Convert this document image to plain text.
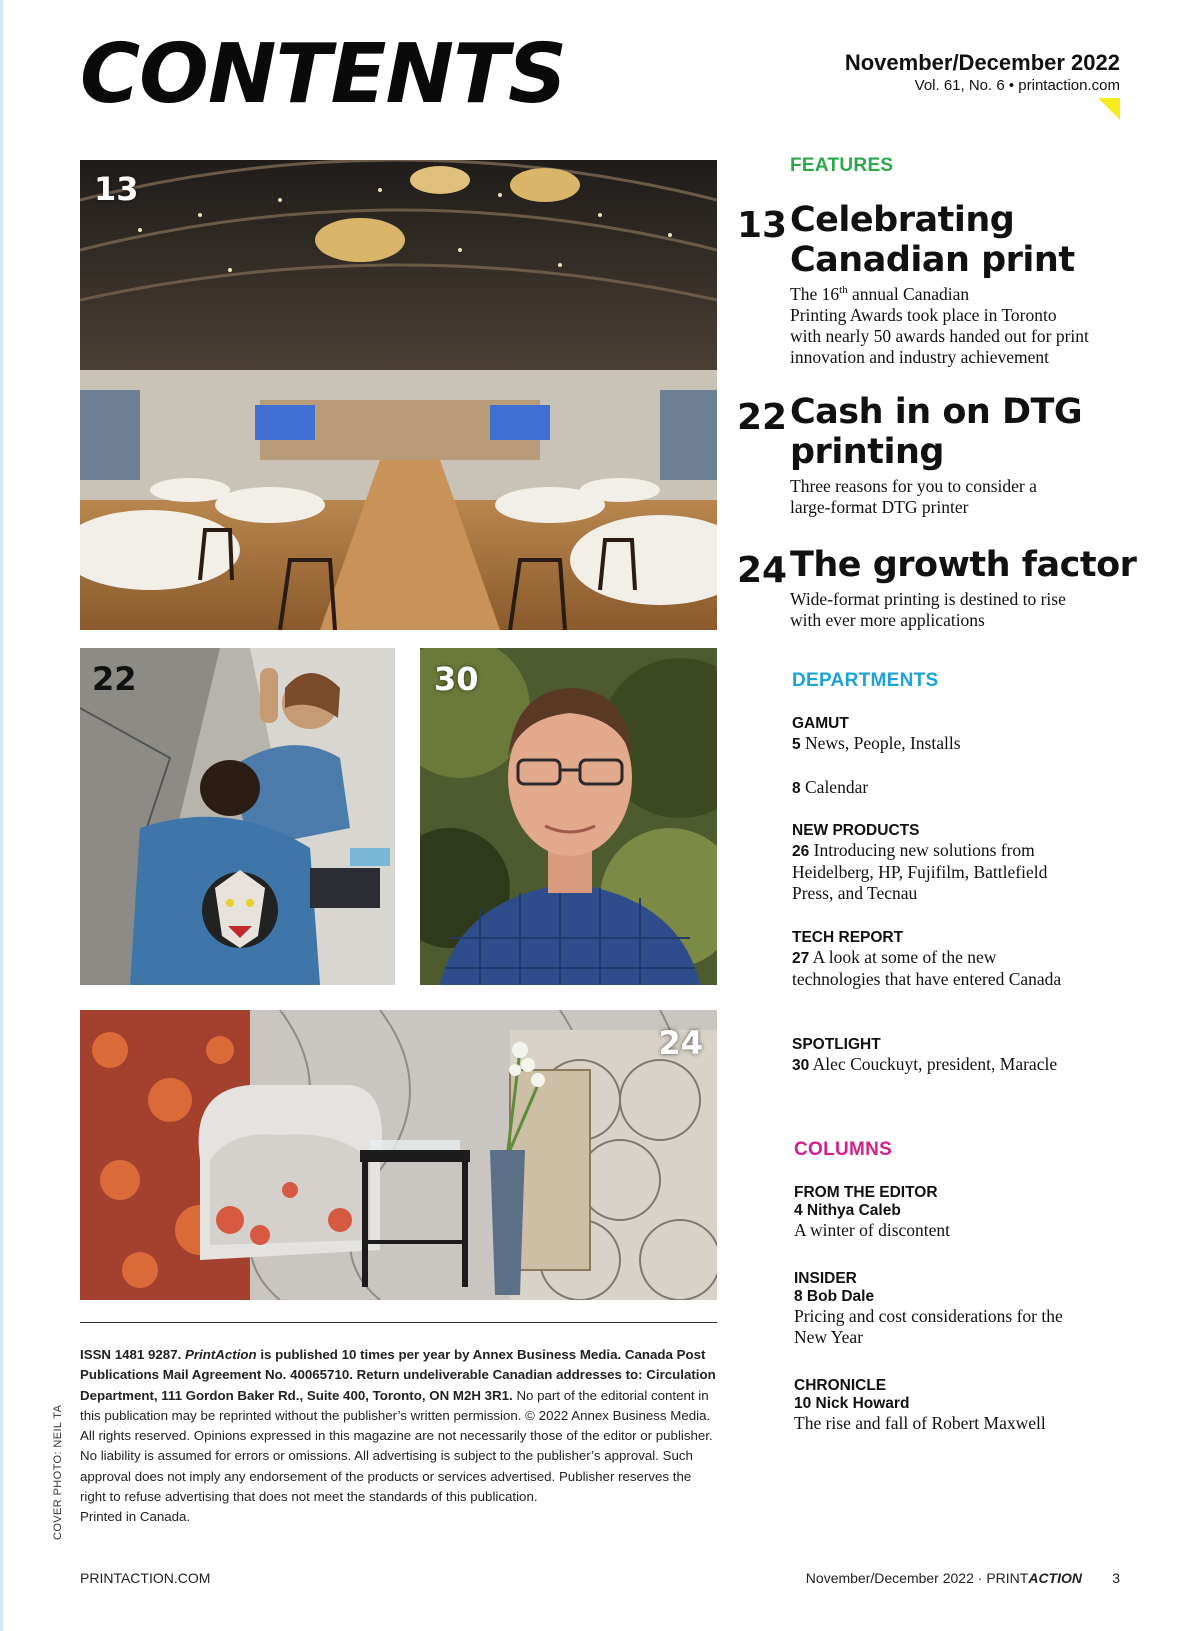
CONTENTS	November/December 2022
Vol. 61, No. 6 • printaction.com
13
22	30
24
FEATURES
13 Celebrating
Canadian print
The 16th annual Canadian
Printing Awards took place in Toronto
with nearly 50 awards handed out for print
innovation and industry achievement
22 Cash in on DTG
printing
Three reasons for you to consider a
large-format DTG printer
24 The growth factor
Wide-format printing is destined to rise
with ever more applications
DEPARTMENTS
GAMUT
5 News, People, Installs
8 Calendar
NEW PRODUCTS
26 Introducing new solutions from
Heidelberg, HP, Fujifilm, Battlefield
Press, and Tecnau
TECH REPORT
27 A look at some of the new
technologies that have entered Canada
SPOTLIGHT
30 Alec Couckuyt, president, Maracle
COLUMNS
FROM THE EDITOR
4 Nithya Caleb
A winter of discontent
INSIDER
8 Bob Dale
Pricing and cost considerations for the
New Year
CHRONICLE
10 Nick Howard
The rise and fall of Robert Maxwell
ISSN 1481 9287. PrintAction is published 10 times per year by Annex Business Media. Canada Post Publications Mail Agreement No. 40065710. Return undeliverable Canadian addresses to: Circulation Department, 111 Gordon Baker Rd., Suite 400, Toronto, ON M2H 3R1. No part of the editorial content in this publication may be reprinted without the publisher’s written permission. © 2022 Annex Business Media. All rights reserved. Opinions expressed in this magazine are not necessarily those of the editor or publisher. No liability is assumed for errors or omissions. All advertising is subject to the publisher’s approval. Such approval does not imply any endorsement of the products or services advertised. Publisher reserves the right to refuse advertising that does not meet the standards of this publication.
Printed in Canada.
COVER PHOTO: NEIL TA
PRINTACTION.COM	November/December 2022 · PRINTACTION 3
